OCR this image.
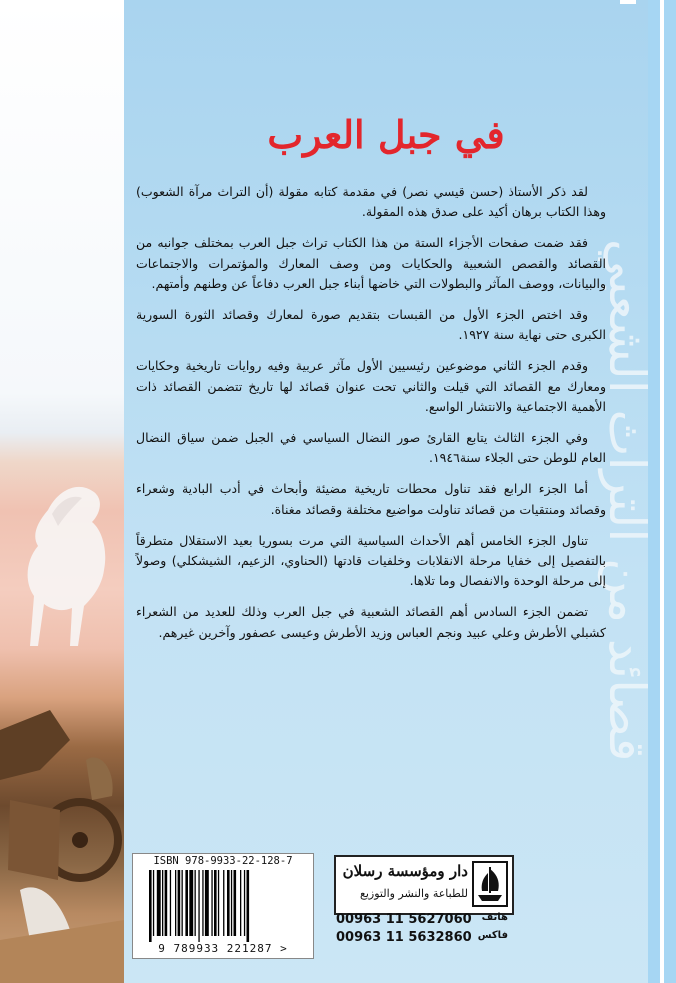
قصائد من التراث الشعبي
في جبل العرب

لقد ذكر الأستاذ (حسن قيسي نصر) في مقدمة كتابه مقولة (أن التراث مرآة الشعوب) وهذا الكتاب برهان أكيد على صدق هذه المقولة.

فقد ضمت صفحات الأجزاء الستة من هذا الكتاب تراث جبل العرب بمختلف جوانبه من القصائد والقصص الشعبية والحكايات ومن وصف المعارك والمؤتمرات والاجتماعات والبيانات، ووصف المآثر والبطولات التي خاضها أبناء جبل العرب دفاعاً عن وطنهم وأمتهم.

وقد اختص الجزء الأول من القبسات بتقديم صورة لمعارك وقصائد الثورة السورية الكبرى حتى نهاية سنة ١٩٢٧.

وقدم الجزء الثاني موضوعين رئيسيين الأول مآثر عربية وفيه روايات تاريخية وحكايات ومعارك مع القصائد التي قيلت والثاني تحت عنوان قصائد لها تاريخ تتضمن القصائد ذات الأهمية الاجتماعية والانتشار الواسع.

وفي الجزء الثالث يتابع القارئ صور النضال السياسي في الجبل ضمن سياق النضال العام للوطن حتى الجلاء سنة١٩٤٦.

أما الجزء الرابع فقد تناول محطات تاريخية مضيئة وأبحاث في أدب البادية وشعراء وقصائد ومنتقيات من قصائد تناولت مواضيع مختلفة وقصائد مغناة.

تناول الجزء الخامس أهم الأحداث السياسية التي مرت بسوريا بعيد الاستقلال متطرقاً بالتفصيل إلى خفايا مرحلة الانقلابات وخلفيات قادتها (الحناوي، الزعيم، الشيشكلي) وصولاً إلى مرحلة الوحدة والانفصال وما تلاها.

تضمن الجزء السادس أهم القصائد الشعبية في جبل العرب وذلك للعديد من الشعراء كشبلي الأطرش وعلي عبيد ونجم العباس وزيد الأطرش وعيسى عصفور وآخرين غيرهم.

ISBN 978-9933-22-128-7
9 789933 221287 >
دار ومؤسسة رسلان
للطباعة والنشر والتوزيع
00963 11 5627060 هاتف
00963 11 5632860 فاكس
